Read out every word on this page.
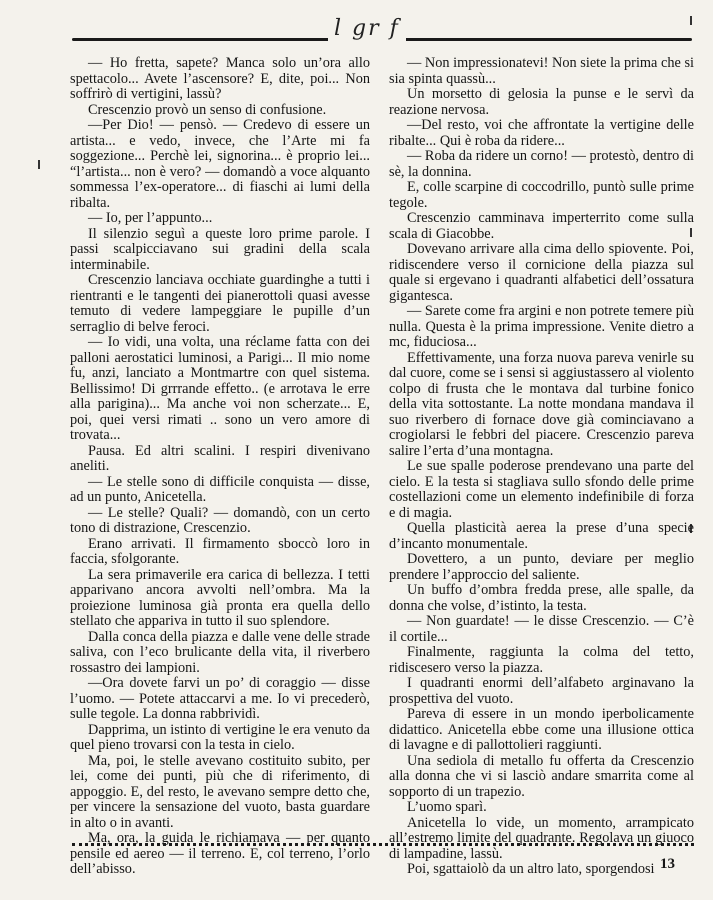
l gr f

— Ho fretta, sapete? Manca solo un’ora allo spettacolo... Avete l’ascensore? E, dite, poi... Non soffrirò di vertigini, lassù?

Crescenzio provò un senso di confusione.

—Per Dio! — pensò. — Credevo di essere un artista... e vedo, invece, che l’Arte mi fa soggezione... Perchè lei, signorina... è proprio lei... “l’artista... non è vero? — domandò a voce alquanto sommessa l’ex-operatore... di fiaschi ai lumi della ribalta.

— Io, per l’appunto...

Il silenzio seguì a queste loro prime parole. I passi scalpicciavano sui gradini della scala interminabile.

Crescenzio lanciava occhiate guardinghe a tutti i rientranti e le tangenti dei pianerottoli quasi avesse temuto di vedere lampeggiare le pupille d’un serraglio di belve feroci.

— Io vidi, una volta, una réclame fatta con dei palloni aerostatici luminosi, a Parigi... Il mio nome fu, anzi, lanciato a Montmartre con quel sistema. Bellissimo! Di grrrande effetto.. (e arrotava le erre alla parigina)... Ma anche voi non scherzate... E, poi, quei versi rimati .. sono un vero amore di trovata...

Pausa. Ed altri scalini. I respiri divenivano aneliti.

— Le stelle sono di difficile conquista — disse, ad un punto, Anicetella.

— Le stelle? Quali? — domandò, con un certo tono di distrazione, Crescenzio.

Erano arrivati. Il firmamento sboccò loro in faccia, sfolgorante.

La sera primaverile era carica di bellezza. I tetti apparivano ancora avvolti nell’ombra. Ma la proiezione luminosa già pronta era quella dello stellato che appariva in tutto il suo splendore.

Dalla conca della piazza e dalle vene delle strade saliva, con l’eco brulicante della vita, il riverbero rossastro dei lampioni.

—Ora dovete farvi un po’ di coraggio — disse l’uomo. — Potete attaccarvi a me. Io vi precederò, sulle tegole. La donna rabbrividì.

Dapprima, un istinto di vertigine le era venuto da quel pieno trovarsi con la testa in cielo.

Ma, poi, le stelle avevano costituito subito, per lei, come dei punti, più che di riferimento, di appoggio. E, del resto, le avevano sempre detto che, per vincere la sensazione del vuoto, basta guardare in alto o in avanti.

Ma, ora, la guida le richiamava — per quanto pensile ed aereo — il terreno. E, col terreno, l’orlo dell’abisso.

— Non impressionatevi! Non siete la prima che si sia spinta quassù...

Un morsetto di gelosia la punse e le servì da reazione nervosa.

—Del resto, voi che affrontate la vertigine delle ribalte... Qui è roba da ridere...

— Roba da ridere un corno! — protestò, dentro di sè, la donnina.

E, colle scarpine di coccodrillo, puntò sulle prime tegole.

Crescenzio camminava imperterrito come sulla scala di Giacobbe.

Dovevano arrivare alla cima dello spiovente. Poi, ridiscendere verso il cornicione della piazza sul quale si ergevano i quadranti alfabetici dell’ossatura gigantesca.

— Sarete come fra argini e non potrete temere più nulla. Questa è la prima impressione. Venite dietro a mc, fiduciosa...

Effettivamente, una forza nuova pareva venirle su dal cuore, come se i sensi si aggiustassero al violento colpo di frusta che le montava dal turbine fonico della vita sottostante. La notte mondana mandava il suo riverbero di fornace dove già cominciavano a crogiolarsi le febbri del piacere. Crescenzio pareva salire l’erta d’una montagna.

Le sue spalle poderose prendevano una parte del cielo. E la testa si stagliava sullo sfondo delle prime costellazioni come un elemento indefinibile di forza e di magia.

Quella plasticità aerea la prese d’una specie d’incanto monumentale.

Dovettero, a un punto, deviare per meglio prendere l’approccio del saliente.

Un buffo d’ombra fredda prese, alle spalle, da donna che volse, d’istinto, la testa.

— Non guardate! — le disse Crescenzio. — C’è il cortile...

Finalmente, raggiunta la colma del tetto, ridiscesero verso la piazza.

I quadranti enormi dell’alfabeto arginavano la prospettiva del vuoto.

Pareva di essere in un mondo iperbolicamente didattico. Anicetella ebbe come una illusione ottica di lavagne e di pallottolieri raggiunti.

Una sediola di metallo fu offerta da Crescenzio alla donna che vi si lasciò andare smarrita come al sopporto di un trapezio.

L’uomo sparì.

Anicetella lo vide, un momento, arrampicato all’estremo limite del quadrante. Regolava un giuoco di lampadine, lassù.

Poi, sgattaiolò da un altro lato, sporgendosi 13
